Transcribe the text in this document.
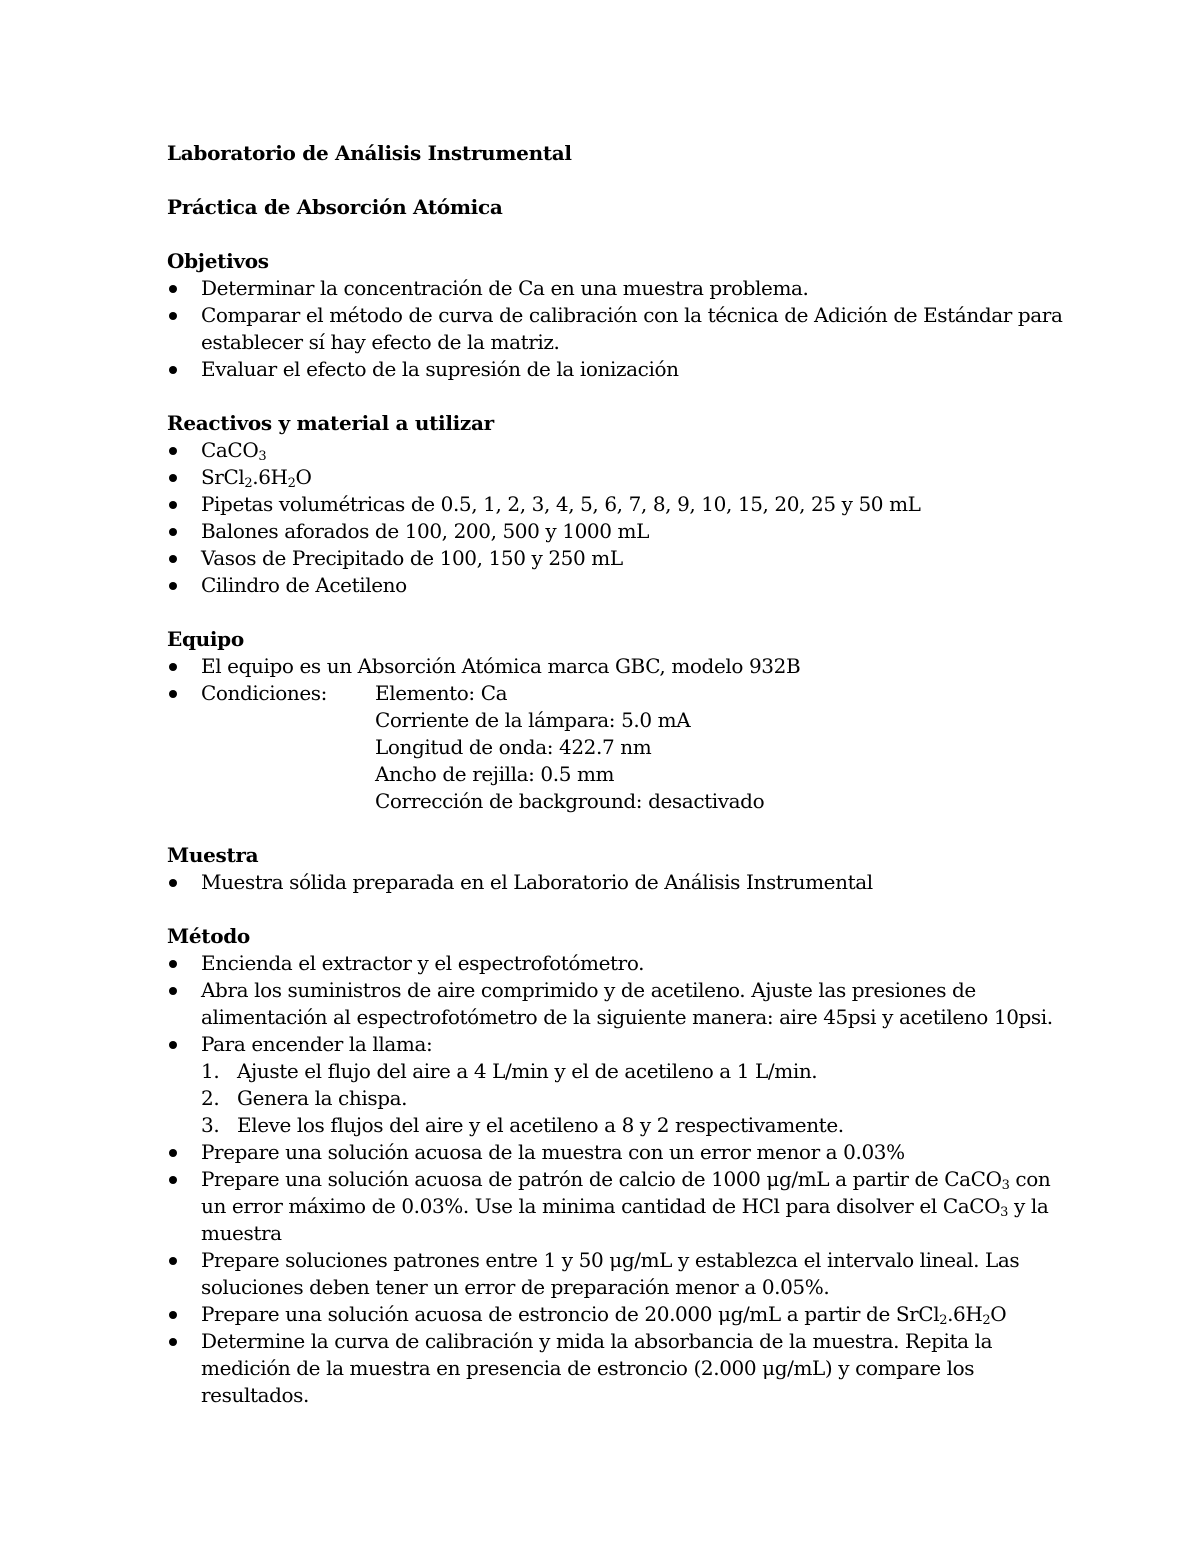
Laboratorio de Análisis Instrumental
Práctica de Absorción Atómica
Objetivos
Determinar la concentración de Ca en una muestra problema.
Comparar el método de curva de calibración con la técnica de Adición de Estándar para establecer sí hay efecto de la matriz.
Evaluar el efecto de la supresión de la ionización
Reactivos y material a utilizar
CaCO$_3$
$SrCl_2.6H_2O$
Pipetas volumétricas de 0.5, 1, 2, 3, 4, 5, 6, 7, 8, 9, 10, 15, 20, 25 y 50 mL
Balones aforados de 100, 200, 500 y 1000 mL
Vasos de Precipitado de 100, 150 y 250 mL
Cilindro de Acetileno
Equipo
El equipo es un Absorción Atómica marca GBC, modelo 932B
Condiciones: Elemento: Ca

Corriente de la lámpara: 5.0 mA
Longitud de onda: 422.7 nm
Ancho de rejilla: 0.5 mm
Corrección de background: desactivado
Muestra
Muestra sólida preparada en el Laboratorio de Análisis Instrumental
Método
Encienda el extractor y el espectrofotómetro.
Abra los suministros de aire comprimido y de acetileno. Ajuste las presiones de alimentación al espectrofotómetro de la siguiente manera: aire 45psi y acetileno 10psi.
Para encender la llama:
1. Ajuste el flujo del aire a 4 L/min y el de acetileno a 1 L/min.
2. Genera la chispa.
3. Eleve los flujos del aire y el acetileno a 8 y 2 respectivamente.
Prepare una solución acuosa de la muestra con un error menor a 0.03%
Prepare una solución acuosa de patrón de calcio de 1000 μg/mL a partir de CaCO$_3$ con un error máximo de 0.03%. Use la minima cantidad de HCl para disolver el CaCO$_3$ y la muestra
Prepare soluciones patrones entre 1 y 50 μg/mL y establezca el intervalo lineal. Las soluciones deben tener un error de preparación menor a 0.05%.
Prepare una solución acuosa de estroncio de 20.000 μg/mL a partir de $SrCl_2.6H_2O$
Determine la curva de calibración y mida la absorbancia de la muestra. Repita la medición de la muestra en presencia de estroncio (2.000 μg/mL) y compare los resultados.
